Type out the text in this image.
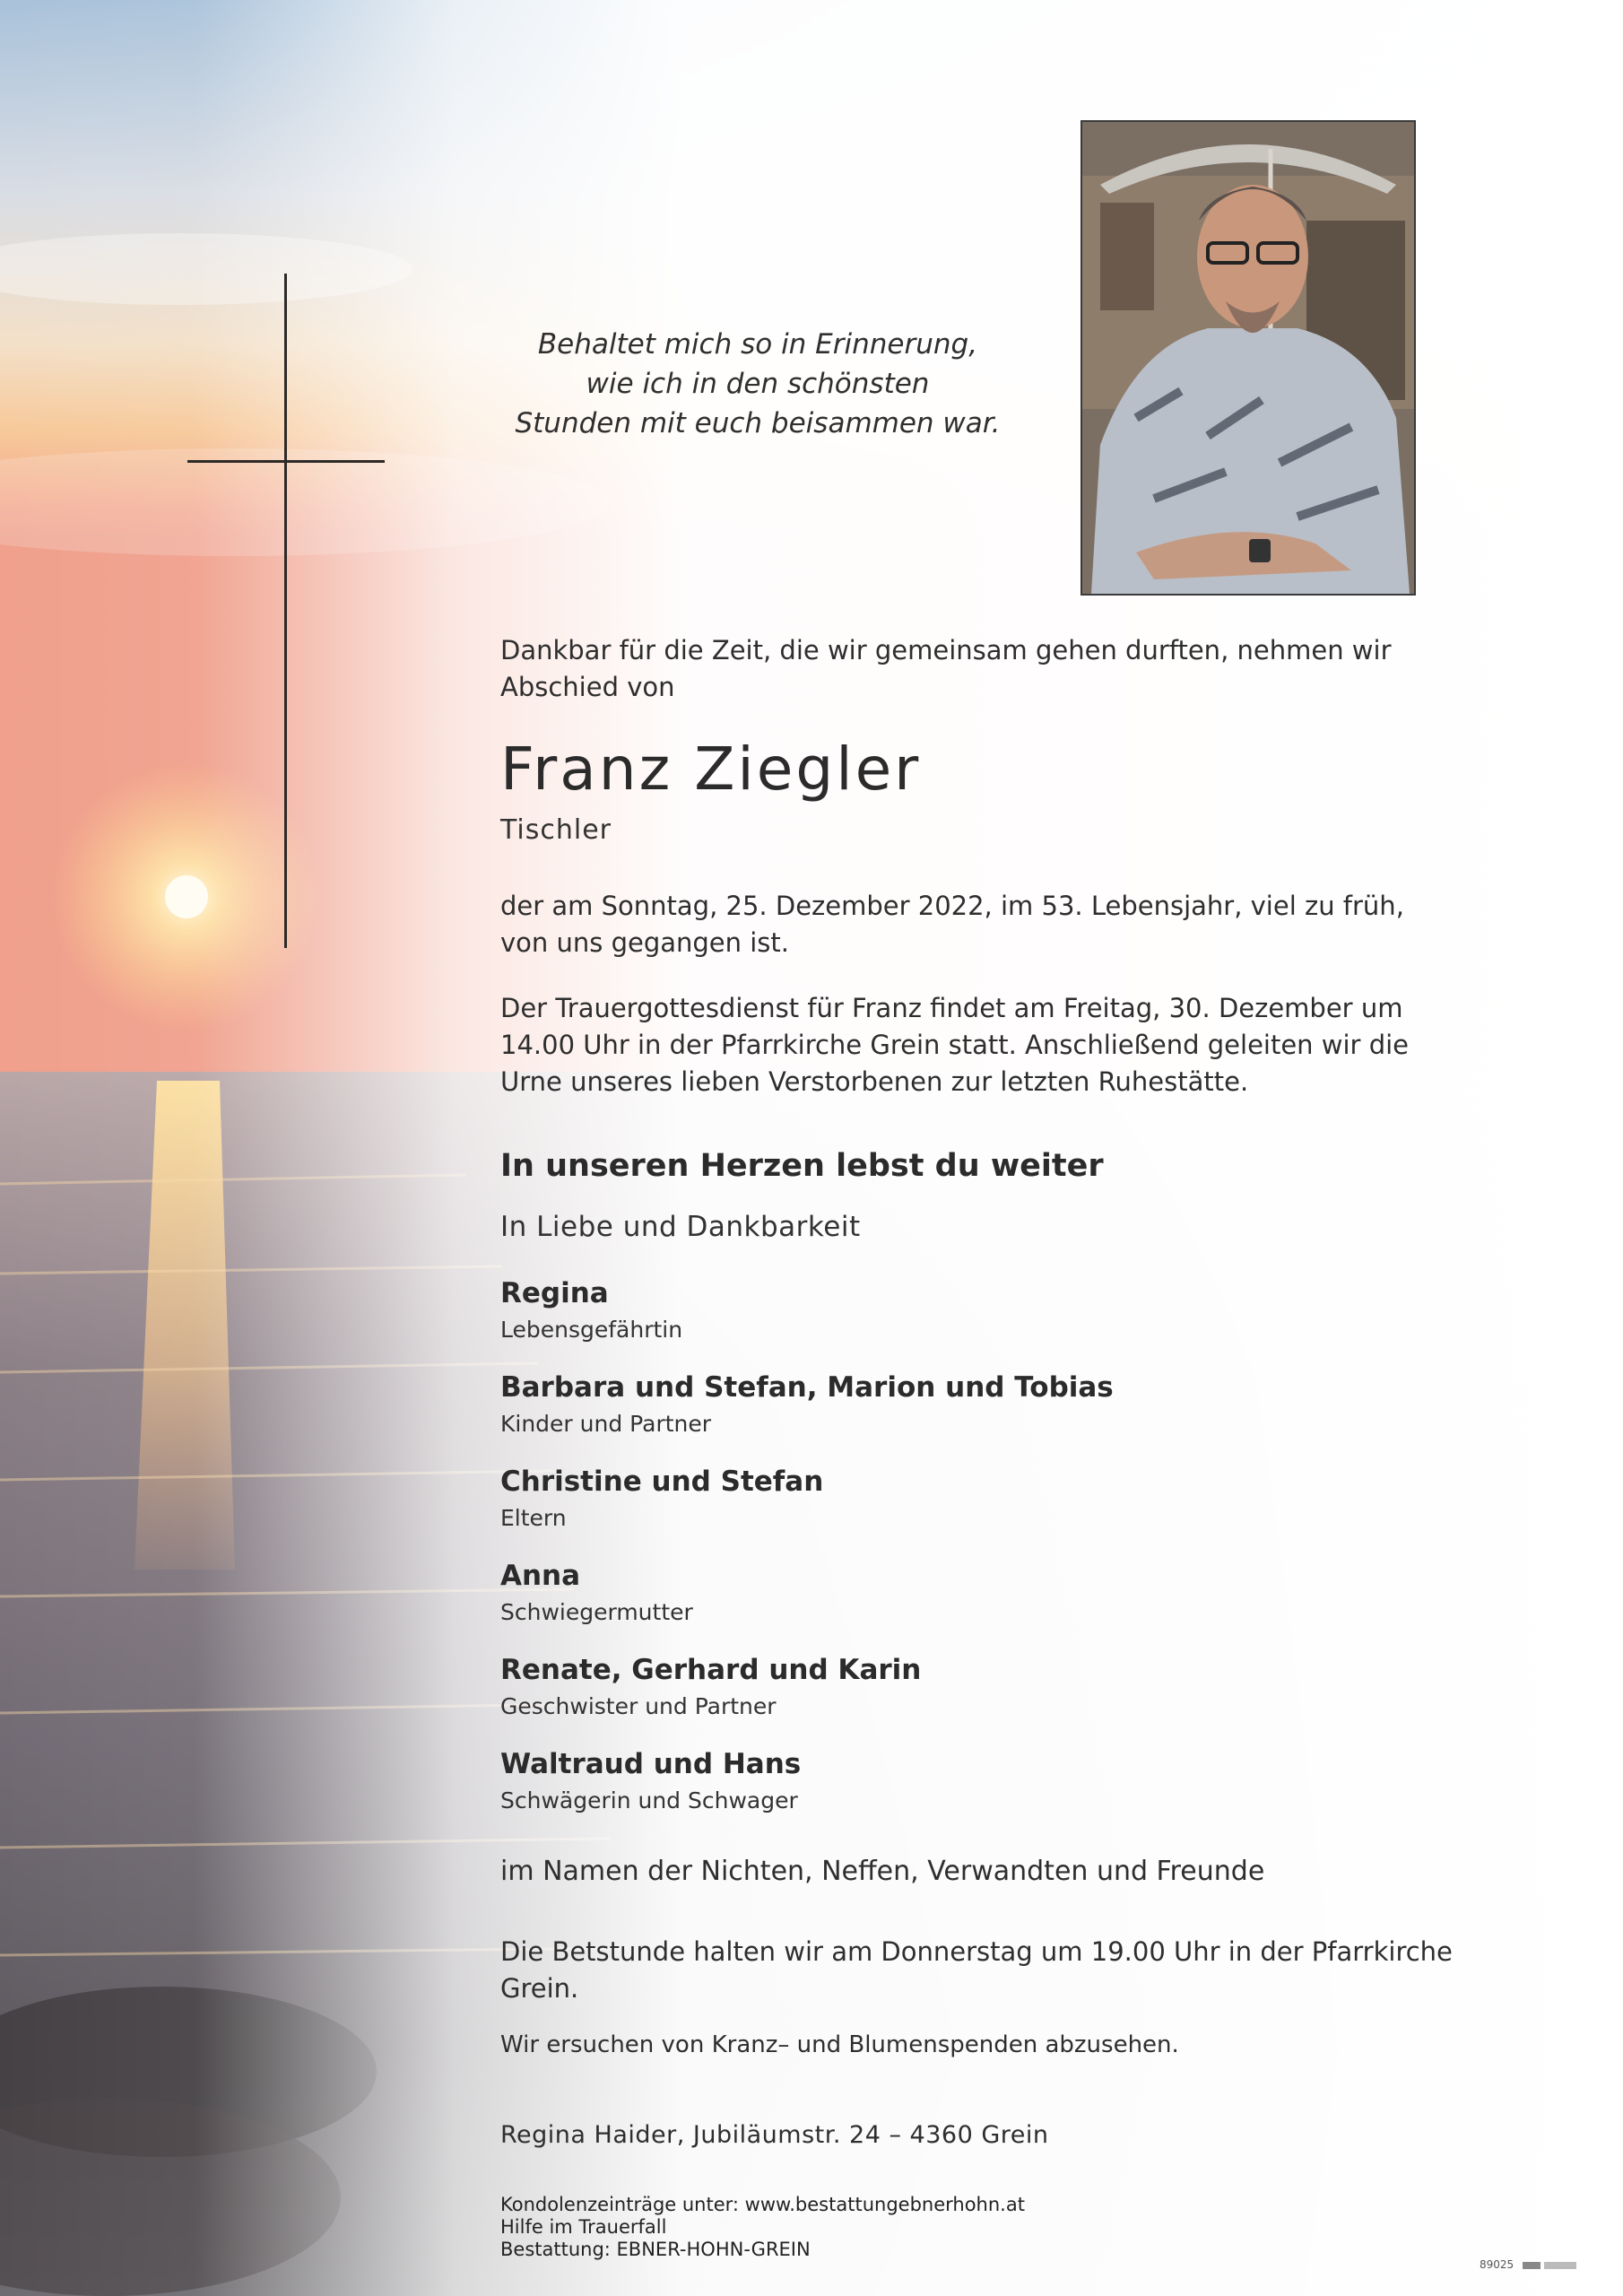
Behaltet mich so in Erinnerung,
wie ich in den schönsten
Stunden mit euch beisammen war.
Dankbar für die Zeit, die wir gemeinsam gehen durften, nehmen wir
Abschied von
Franz Ziegler
Tischler
der am Sonntag, 25. Dezember 2022, im 53. Lebensjahr, viel zu früh,
von uns gegangen ist.
Der Trauergottesdienst für Franz findet am Freitag, 30. Dezember um
14.00 Uhr in der Pfarrkirche Grein statt. Anschließend geleiten wir die
Urne unseres lieben Verstorbenen zur letzten Ruhestätte.
In unseren Herzen lebst du weiter
In Liebe und Dankbarkeit
Regina
Lebensgefährtin
Barbara und Stefan, Marion und Tobias
Kinder und Partner
Christine und Stefan
Eltern
Anna
Schwiegermutter
Renate, Gerhard und Karin
Geschwister und Partner
Waltraud und Hans
Schwägerin und Schwager
im Namen der Nichten, Neffen, Verwandten und Freunde
Die Betstunde halten wir am Donnerstag um 19.00 Uhr in der Pfarrkirche Grein.
Wir ersuchen von Kranz– und Blumenspenden abzusehen.
Regina Haider, Jubiläumstr. 24 – 4360 Grein
Kondolenzeinträge unter: www.bestattungebnerhohn.at
Hilfe im Trauerfall
Bestattung: EBNER-HOHN-GREIN
89025
